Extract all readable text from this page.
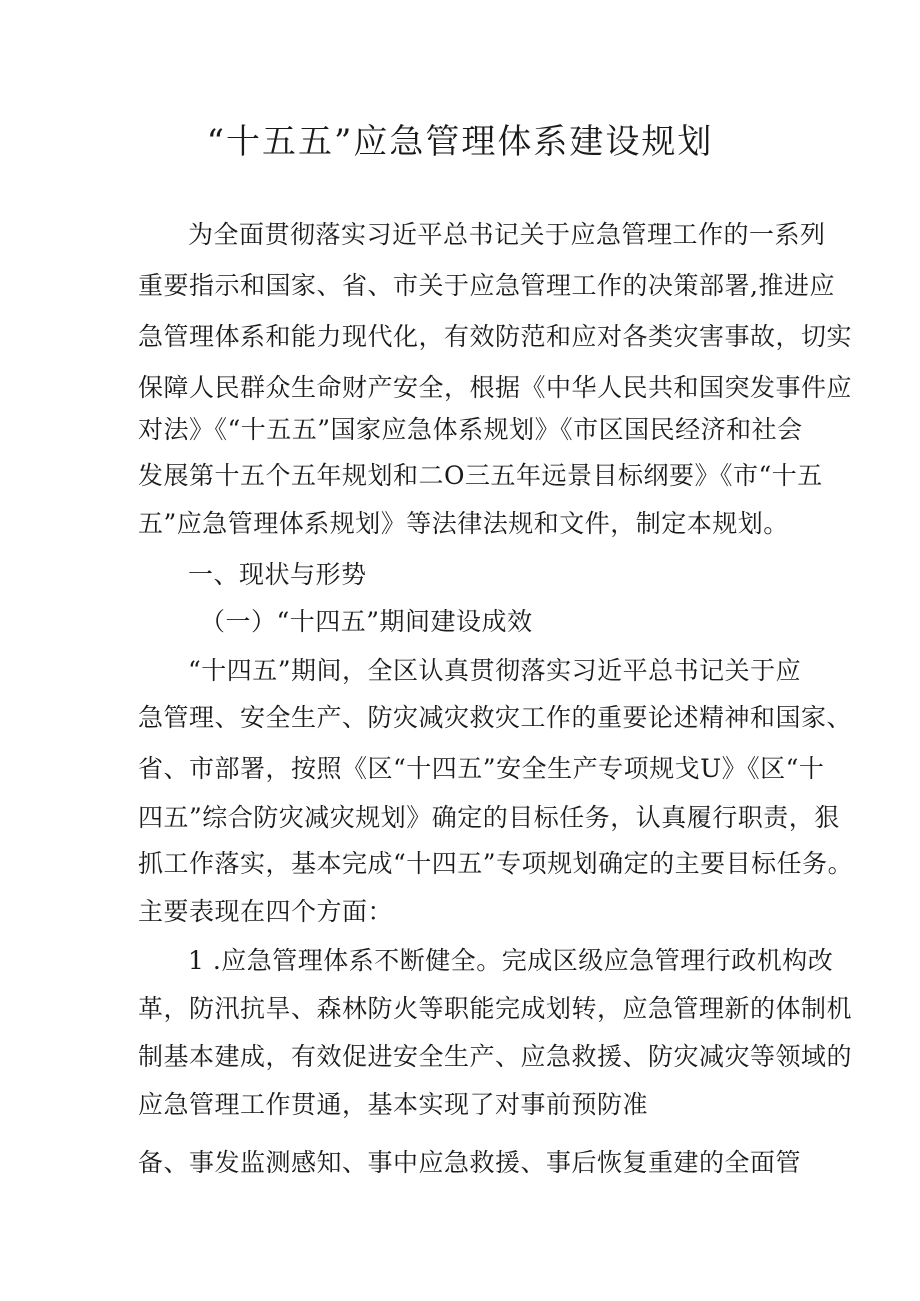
“十五五”应急管理体系建设规划
为全面贯彻落实习近平总书记关于应急管理工作的一系列
重要指示和国家、省、市关于应急管理工作的决策部署,推进应
急管理体系和能力现代化，有效防范和应对各类灾害事故，切实
保障人民群众生命财产安全，根据《中华人民共和国突发事件应
对法》《“十五五”国家应急体系规划》《市区国民经济和社会
发展第十五个五年规划和二O三五年远景目标纲要》《市“十五
五”应急管理体系规划》等法律法规和文件，制定本规划。
一、现状与形势
（一）“十四五”期间建设成效
“十四五”期间，全区认真贯彻落实习近平总书记关于应
急管理、安全生产、防灾减灾救灾工作的重要论述精神和国家、
省、市部署，按照《区“十四五”安全生产专项规戈U》《区“十
四五”综合防灾减灾规划》确定的目标任务，认真履行职责，狠
抓工作落实，基本完成“十四五”专项规划确定的主要目标任务。
主要表现在四个方面：
1 .应急管理体系不断健全。完成区级应急管理行政机构改
革，防汛抗旱、森林防火等职能完成划转，应急管理新的体制机
制基本建成，有效促进安全生产、应急救援、防灾减灾等领域的
应急管理工作贯通，基本实现了对事前预防准
备、事发监测感知、事中应急救援、事后恢复重建的全面管
